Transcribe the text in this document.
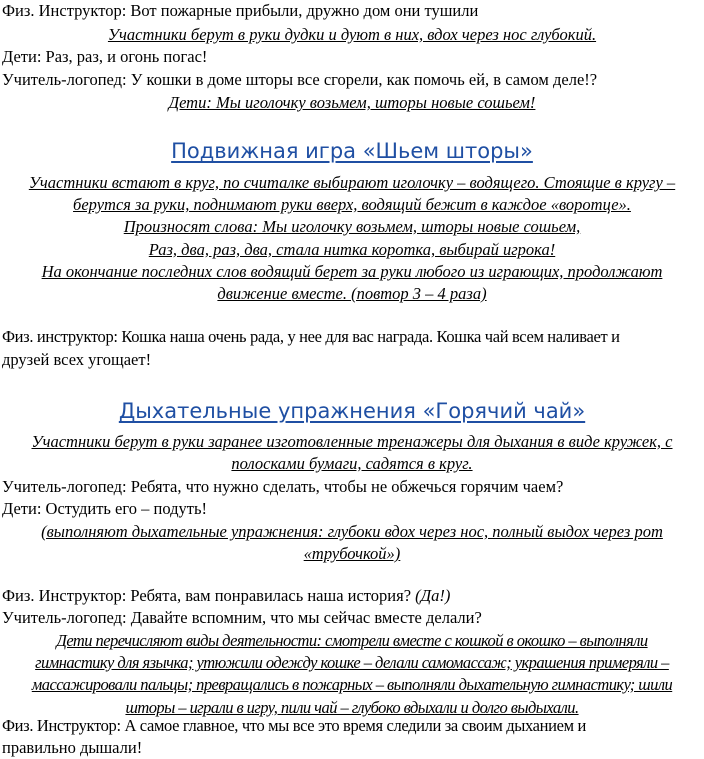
Физ. Инструктор: Вот пожарные прибыли, дружно дом они тушили
Участники берут в руки дудки и дуют в них, вдох через нос глубокий.
Дети: Раз, раз, и огонь погас!
Учитель-логопед: У кошки в доме шторы все сгорели, как помочь ей, в самом деле!?
Дети: Мы иголочку возьмем, шторы новые сошьем!
Подвижная игра «Шьем шторы»
Участники встают в круг, по считалке выбирают иголочку – водящего. Стоящие в кругу –
берутся за руки, поднимают руки вверх, водящий бежит в каждое «воротце».
Произносят слова: Мы иголочку возьмем, шторы новые сошьем,
Раз, два, раз, два, стала нитка коротка, выбирай игрока!
На окончание последних слов водящий берет за руки любого из играющих, продолжают
движение вместе. (повтор 3 – 4 раза)
Физ. инструктор: Кошка наша очень рада, у нее для вас награда. Кошка чай всем наливает и
друзей всех угощает!
Дыхательные упражнения «Горячий чай»
Участники берут в руки заранее изготовленные тренажеры для дыхания в виде кружек, с
полосками бумаги, садятся в круг.
Учитель-логопед: Ребята, что нужно сделать, чтобы не обжечься горячим чаем?
Дети: Остудить его – подуть!
(выполняют дыхательные упражнения: глубоки вдох через нос, полный выдох через рот
«трубочкой»)
Физ. Инструктор: Ребята, вам понравилась наша история? (Да!)
Учитель-логопед: Давайте вспомним, что мы сейчас вместе делали?
Дети перечисляют виды деятельности: смотрели вместе с кошкой в окошко – выполняли
гимнастику для язычка; утюжили одежду кошке – делали самомассаж; украшения примеряли –
массажировали пальцы; превращались в пожарных – выполняли дыхательную гимнастику; шили
шторы – играли в игру, пили чай – глубоко вдыхали и долго выдыхали.
Физ. Инструктор: А самое главное, что мы все это время следили за своим дыханием и
правильно дышали!
